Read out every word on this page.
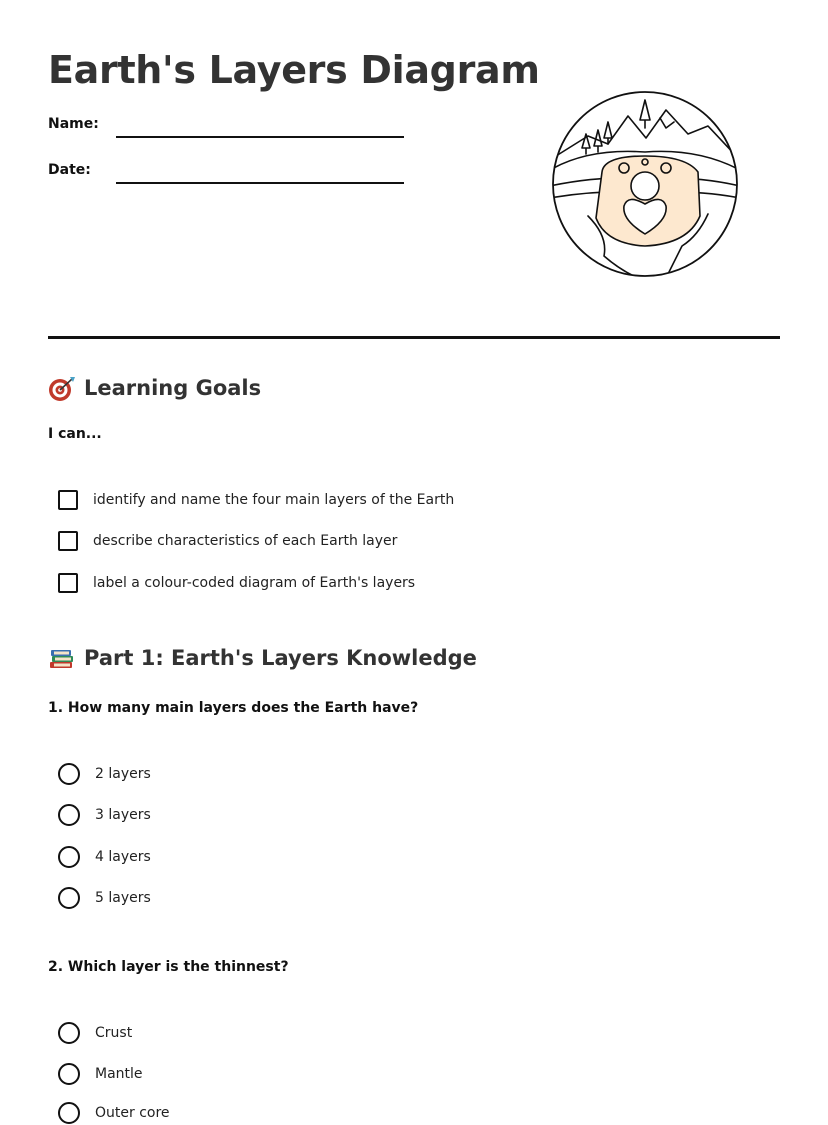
Earth's Layers Diagram
Name:
Date:
Learning Goals

I can...

identify and name the four main layers of the Earth
describe characteristics of each Earth layer
label a colour-coded diagram of Earth's layers
Part 1: Earth's Layers Knowledge

1. How many main layers does the Earth have?

2 layers
3 layers
4 layers
5 layers

2. Which layer is the thinnest?

Crust
Mantle
Outer core
